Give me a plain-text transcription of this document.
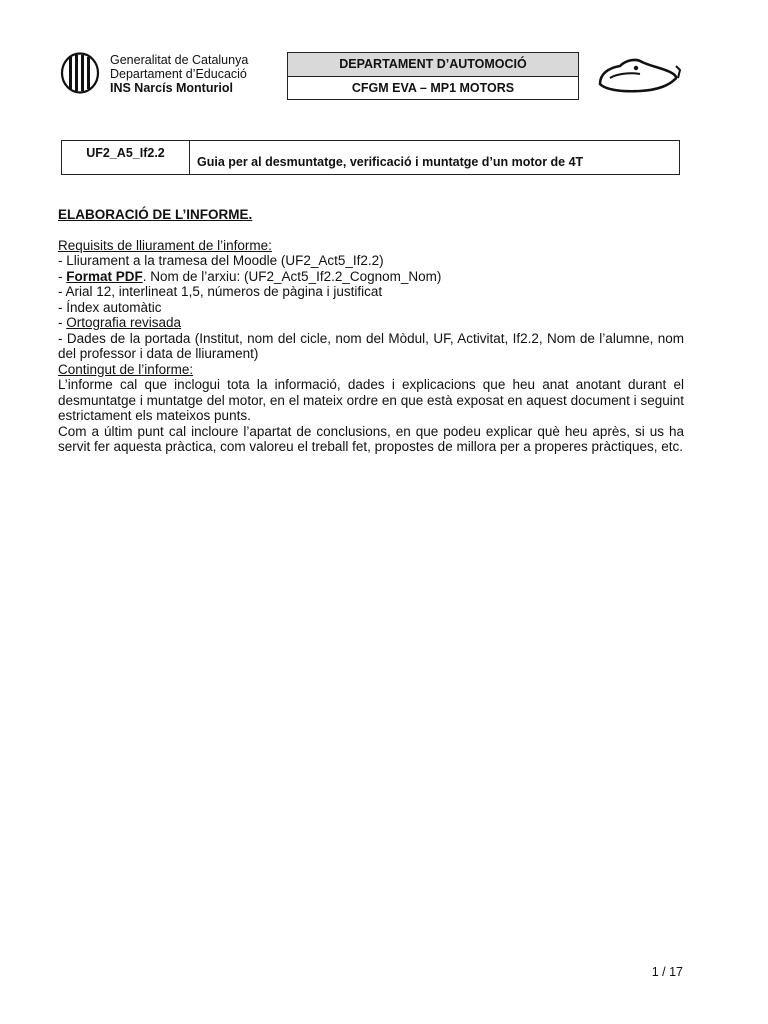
Generalitat de Catalunya
Departament d’Educació
INS Narcís Monturiol
DEPARTAMENT D’AUTOMOCIÓ
CFGM EVA – MP1 MOTORS
UF2_A5_If2.2
Guia per al desmuntatge, verificació i muntatge d’un motor de 4T

ELABORACIÓ DE L’INFORME.

Requisits de lliurament de l’informe:

- Lliurament a la tramesa del Moodle (UF2_Act5_If2.2)

- Format PDF. Nom de l’arxiu: (UF2_Act5_If2.2_Cognom_Nom)

- Arial 12, interlineat 1,5, números de pàgina i justificat

- Índex automàtic

- Ortografia revisada

- Dades de la portada (Institut, nom del cicle, nom del Mòdul, UF, Activitat, If2.2, Nom de l’alumne, nom del professor i data de lliurament)

Contingut de l’informe:

L’informe cal que inclogui tota la informació, dades i explicacions que heu anat anotant durant el desmuntatge i muntatge del motor, en el mateix ordre en que està exposat en aquest document i seguint estrictament els mateixos punts.

Com a últim punt cal incloure l’apartat de conclusions, en que podeu explicar què heu après, si us ha servit fer aquesta pràctica, com valoreu el treball fet, propostes de millora per a properes pràctiques, etc.

1 / 17
